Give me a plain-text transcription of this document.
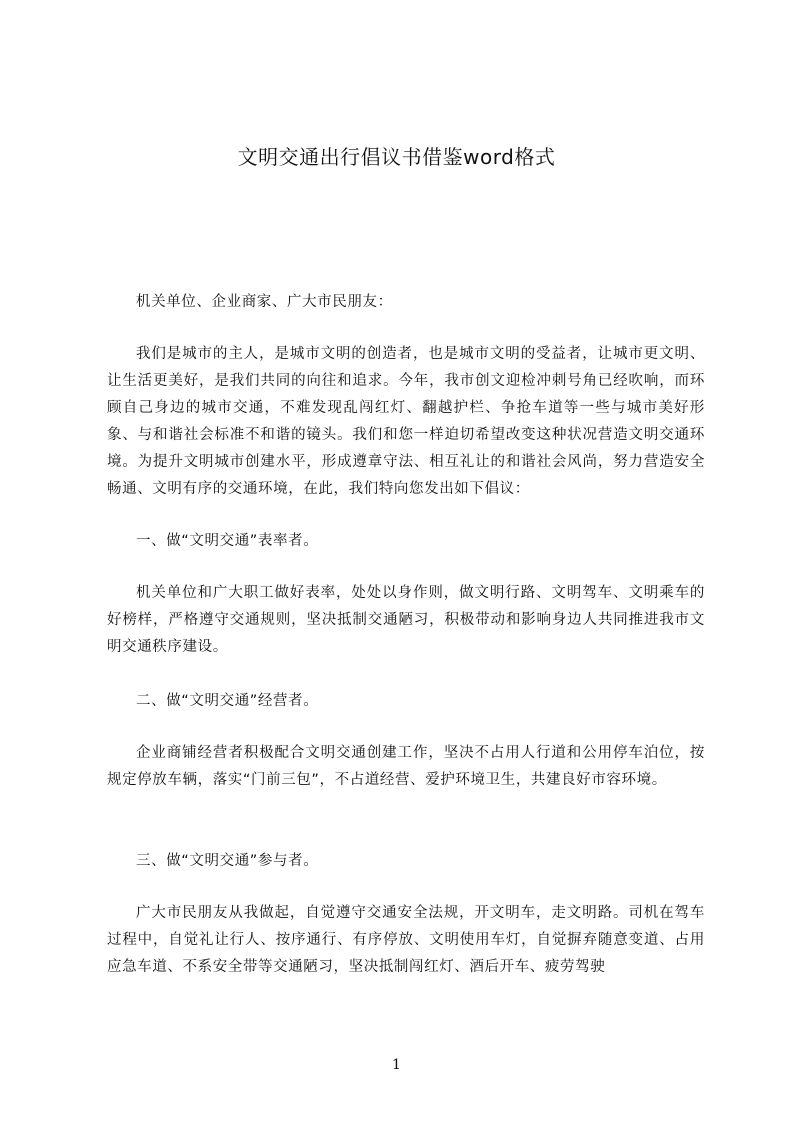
文明交通出行倡议书借鉴word格式

机关单位、企业商家、广大市民朋友：

我们是城市的主人，是城市文明的创造者，也是城市文明的受益者，让城市更文明、让生活更美好，是我们共同的向往和追求。今年，我市创文迎检冲刺号角已经吹响，而环顾自己身边的城市交通，不难发现乱闯红灯、翻越护栏、争抢车道等一些与城市美好形象、与和谐社会标准不和谐的镜头。我们和您一样迫切希望改变这种状况营造文明交通环境。为提升文明城市创建水平，形成遵章守法、相互礼让的和谐社会风尚，努力营造安全畅通、文明有序的交通环境，在此，我们特向您发出如下倡议：

一、做“文明交通”表率者。

机关单位和广大职工做好表率，处处以身作则，做文明行路、文明驾车、文明乘车的好榜样，严格遵守交通规则，坚决抵制交通陋习，积极带动和影响身边人共同推进我市文明交通秩序建设。

二、做“文明交通”经营者。

企业商铺经营者积极配合文明交通创建工作，坚决不占用人行道和公用停车泊位，按规定停放车辆，落实“门前三包”，不占道经营、爱护环境卫生，共建良好市容环境。

三、做“文明交通”参与者。

广大市民朋友从我做起，自觉遵守交通安全法规，开文明车，走文明路。司机在驾车过程中，自觉礼让行人、按序通行、有序停放、文明使用车灯，自觉摒弃随意变道、占用应急车道、不系安全带等交通陋习，坚决抵制闯红灯、酒后开车、疲劳驾驶

1
